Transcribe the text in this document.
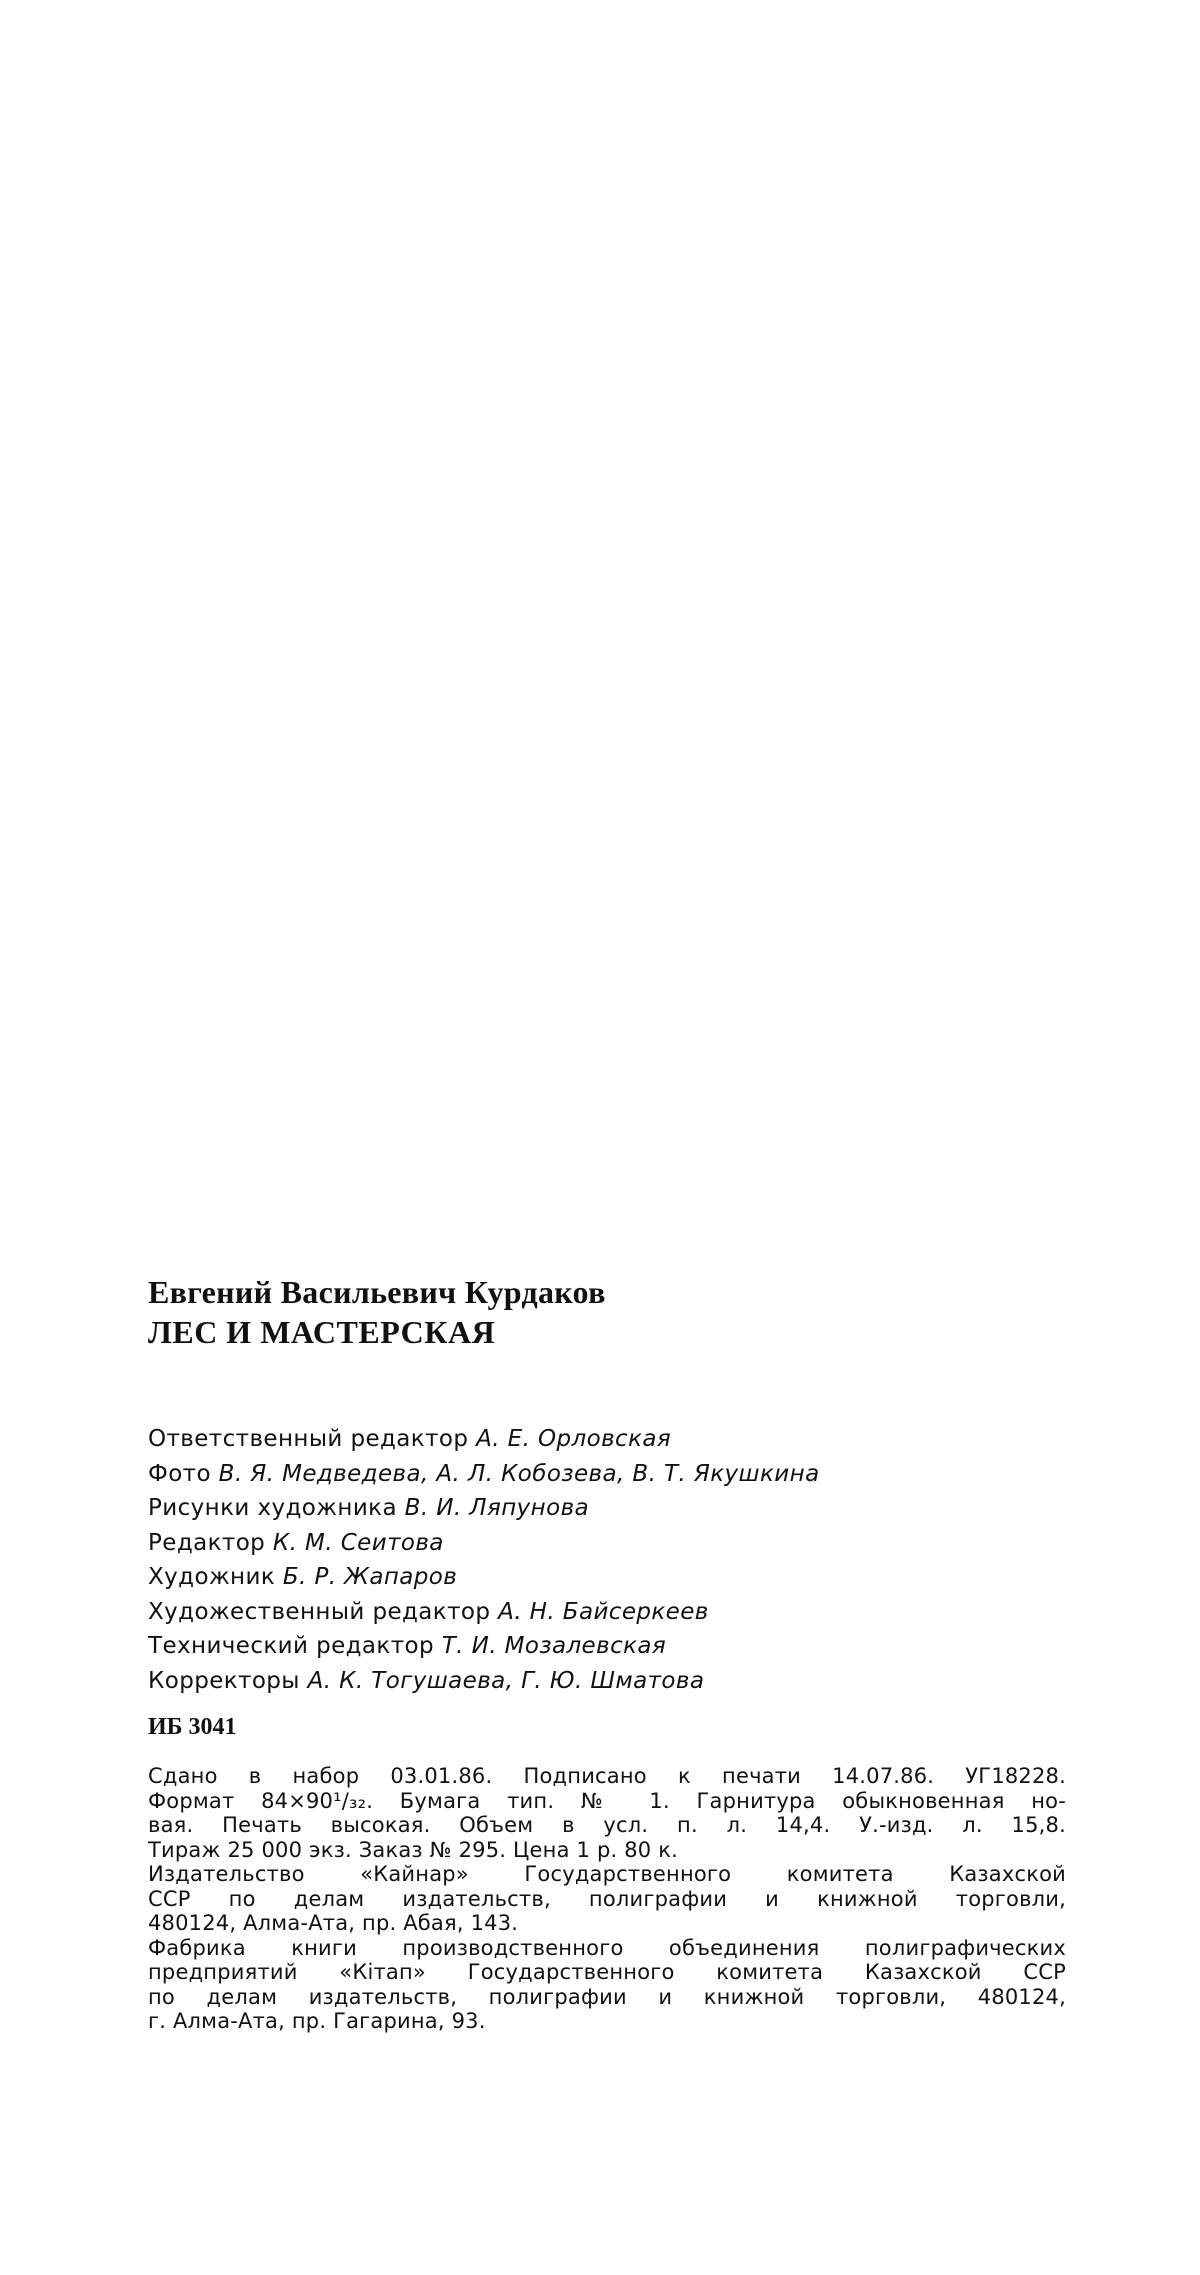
Евгений Васильевич Курдаков

ЛЕС И МАСТЕРСКАЯ

Ответственный редактор А. Е. Орловская
Фото В. Я. Медведева, А. Л. Кобозева, В. Т. Якушкина
Рисунки художника В. И. Ляпунова
Редактор К. М. Сеитова
Художник Б. Р. Жапаров
Художественный редактор А. Н. Байсеркеев
Технический редактор Т. И. Мозалевская
Корректоры А. К. Тогушаева, Г. Ю. Шматова
ИБ 3041
Сдано в набор 03.01.86. Подписано к печати 14.07.86. УГ18228.
Формат 84×90¹/₃₂. Бумага тип. № 1. Гарнитура обыкновенная но-
вая. Печать высокая. Объем в усл. п. л. 14,4. У.-изд. л. 15,8.
Тираж 25 000 экз. Заказ № 295. Цена 1 р. 80 к.
Издательство «Кайнар» Государственного комитета Казахской
ССР по делам издательств, полиграфии и книжной торговли,
480124, Алма-Ата, пр. Абая, 143.
Фабрика книги производственного объединения полиграфических
предприятий «Кітап» Государственного комитета Казахской ССР
по делам издательств, полиграфии и книжной торговли, 480124,
г. Алма-Ата, пр. Гагарина, 93.
